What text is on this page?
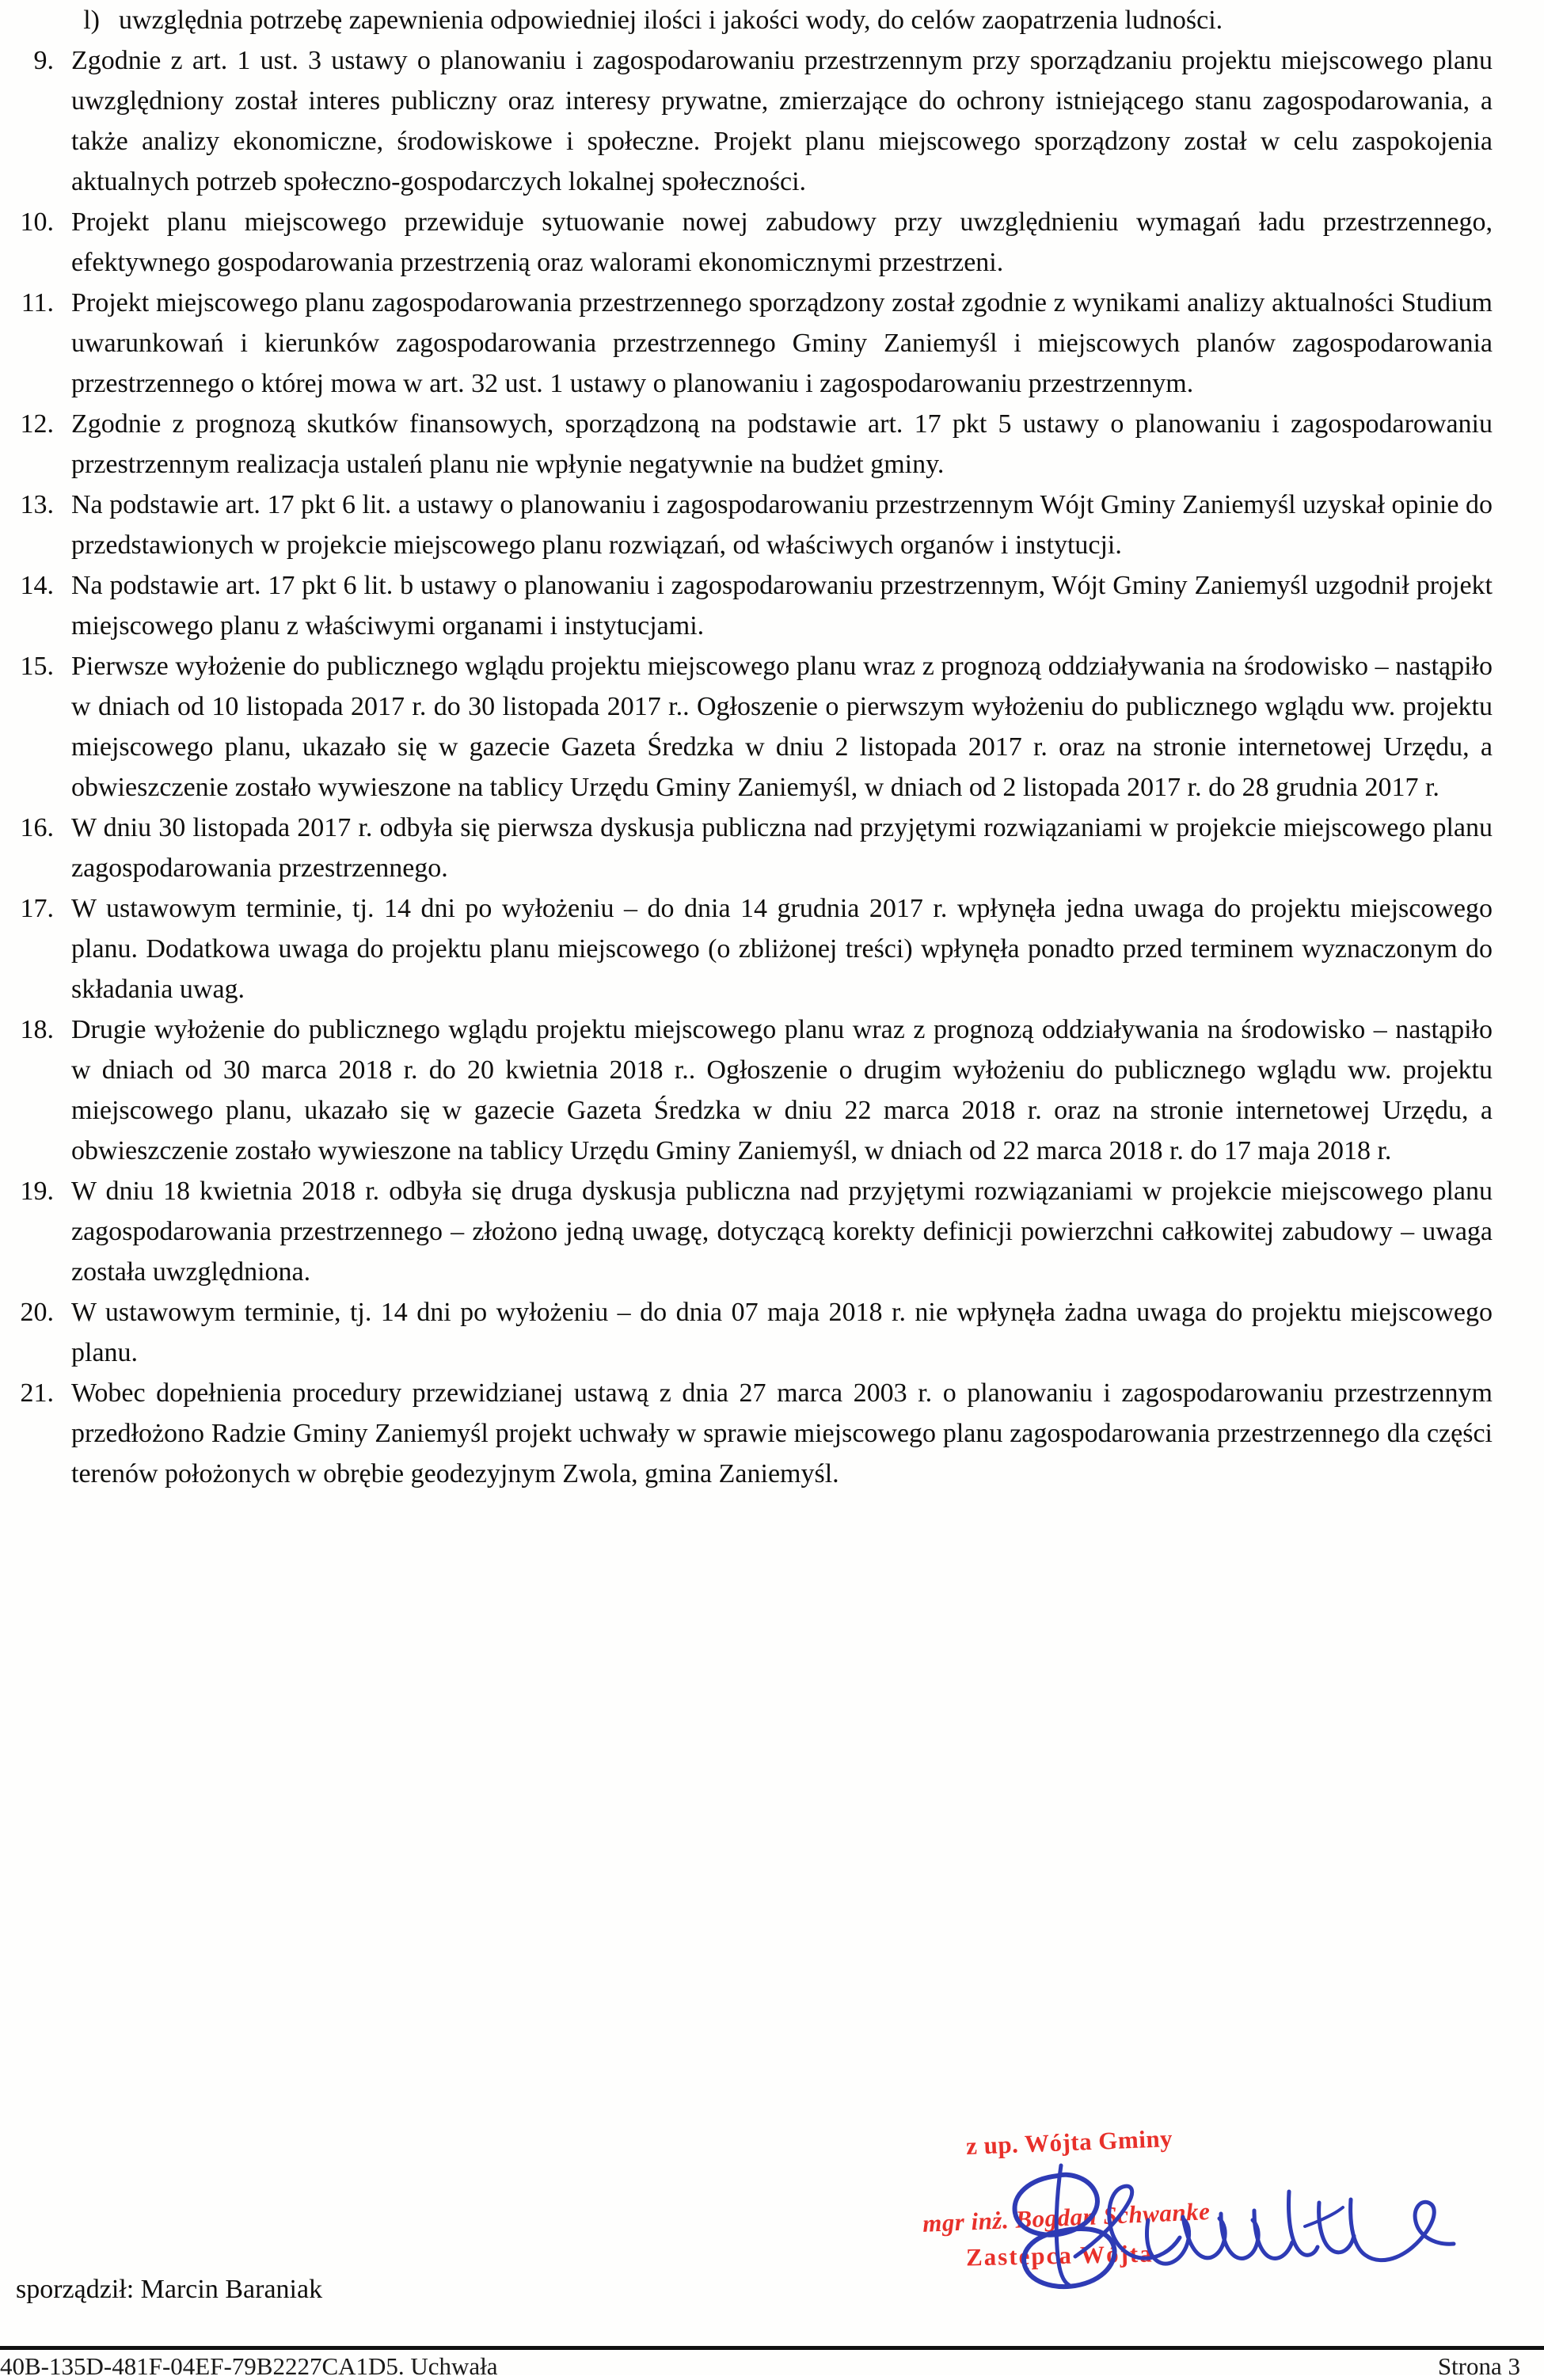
l) uwzględnia potrzebę zapewnienia odpowiedniej ilości i jakości wody, do celów zaopatrzenia ludności.
9. Zgodnie z art. 1 ust. 3 ustawy o planowaniu i zagospodarowaniu przestrzennym przy sporządzaniu projektu miejscowego planu uwzględniony został interes publiczny oraz interesy prywatne, zmierzające do ochrony istniejącego stanu zagospodarowania, a także analizy ekonomiczne, środowiskowe i społeczne. Projekt planu miejscowego sporządzony został w celu zaspokojenia aktualnych potrzeb społeczno-gospodarczych lokalnej społeczności.
10. Projekt planu miejscowego przewiduje sytuowanie nowej zabudowy przy uwzględnieniu wymagań ładu przestrzennego, efektywnego gospodarowania przestrzenią oraz walorami ekonomicznymi przestrzeni.
11. Projekt miejscowego planu zagospodarowania przestrzennego sporządzony został zgodnie z wynikami analizy aktualności Studium uwarunkowań i kierunków zagospodarowania przestrzennego Gminy Zaniemyśl i miejscowych planów zagospodarowania przestrzennego o której mowa w art. 32 ust. 1 ustawy o planowaniu i zagospodarowaniu przestrzennym.
12. Zgodnie z prognozą skutków finansowych, sporządzoną na podstawie art. 17 pkt 5 ustawy o planowaniu i zagospodarowaniu przestrzennym realizacja ustaleń planu nie wpłynie negatywnie na budżet gminy.
13. Na podstawie art. 17 pkt 6 lit. a ustawy o planowaniu i zagospodarowaniu przestrzennym Wójt Gminy Zaniemyśl uzyskał opinie do przedstawionych w projekcie miejscowego planu rozwiązań, od właściwych organów i instytucji.
14. Na podstawie art. 17 pkt 6 lit. b ustawy o planowaniu i zagospodarowaniu przestrzennym, Wójt Gminy Zaniemyśl uzgodnił projekt miejscowego planu z właściwymi organami i instytucjami.
15. Pierwsze wyłożenie do publicznego wglądu projektu miejscowego planu wraz z prognozą oddziaływania na środowisko – nastąpiło w dniach od 10 listopada 2017 r. do 30 listopada 2017 r.. Ogłoszenie o pierwszym wyłożeniu do publicznego wglądu ww. projektu miejscowego planu, ukazało się w gazecie Gazeta Średzka w dniu 2 listopada 2017 r. oraz na stronie internetowej Urzędu, a obwieszczenie zostało wywieszone na tablicy Urzędu Gminy Zaniemyśl, w dniach od 2 listopada 2017 r. do 28 grudnia 2017 r.
16. W dniu 30 listopada 2017 r. odbyła się pierwsza dyskusja publiczna nad przyjętymi rozwiązaniami w projekcie miejscowego planu zagospodarowania przestrzennego.
17. W ustawowym terminie, tj. 14 dni po wyłożeniu – do dnia 14 grudnia 2017 r. wpłynęła jedna uwaga do projektu miejscowego planu. Dodatkowa uwaga do projektu planu miejscowego (o zbliżonej treści) wpłynęła ponadto przed terminem wyznaczonym do składania uwag.
18. Drugie wyłożenie do publicznego wglądu projektu miejscowego planu wraz z prognozą oddziaływania na środowisko – nastąpiło w dniach od 30 marca 2018 r. do 20 kwietnia 2018 r.. Ogłoszenie o drugim wyłożeniu do publicznego wglądu ww. projektu miejscowego planu, ukazało się w gazecie Gazeta Średzka w dniu 22 marca 2018 r. oraz na stronie internetowej Urzędu, a obwieszczenie zostało wywieszone na tablicy Urzędu Gminy Zaniemyśl, w dniach od 22 marca 2018 r. do 17 maja 2018 r.
19. W dniu 18 kwietnia 2018 r. odbyła się druga dyskusja publiczna nad przyjętymi rozwiązaniami w projekcie miejscowego planu zagospodarowania przestrzennego – złożono jedną uwagę, dotyczącą korekty definicji powierzchni całkowitej zabudowy – uwaga została uwzględniona.
20. W ustawowym terminie, tj. 14 dni po wyłożeniu – do dnia 07 maja 2018 r. nie wpłynęła żadna uwaga do projektu miejscowego planu.
21. Wobec dopełnienia procedury przewidzianej ustawą z dnia 27 marca 2003 r. o planowaniu i zagospodarowaniu przestrzennym przedłożono Radzie Gminy Zaniemyśl projekt uchwały w sprawie miejscowego planu zagospodarowania przestrzennego dla części terenów położonych w obrębie geodezyjnym Zwola, gmina Zaniemyśl.
sporządził: Marcin Baraniak
z up. Wójta Gminy
mgr inż. Bogdan Schwanke
Zastępca Wójta
40B-135D-481F-04EF-79B2227CA1D5. Uchwała	Strona 3
